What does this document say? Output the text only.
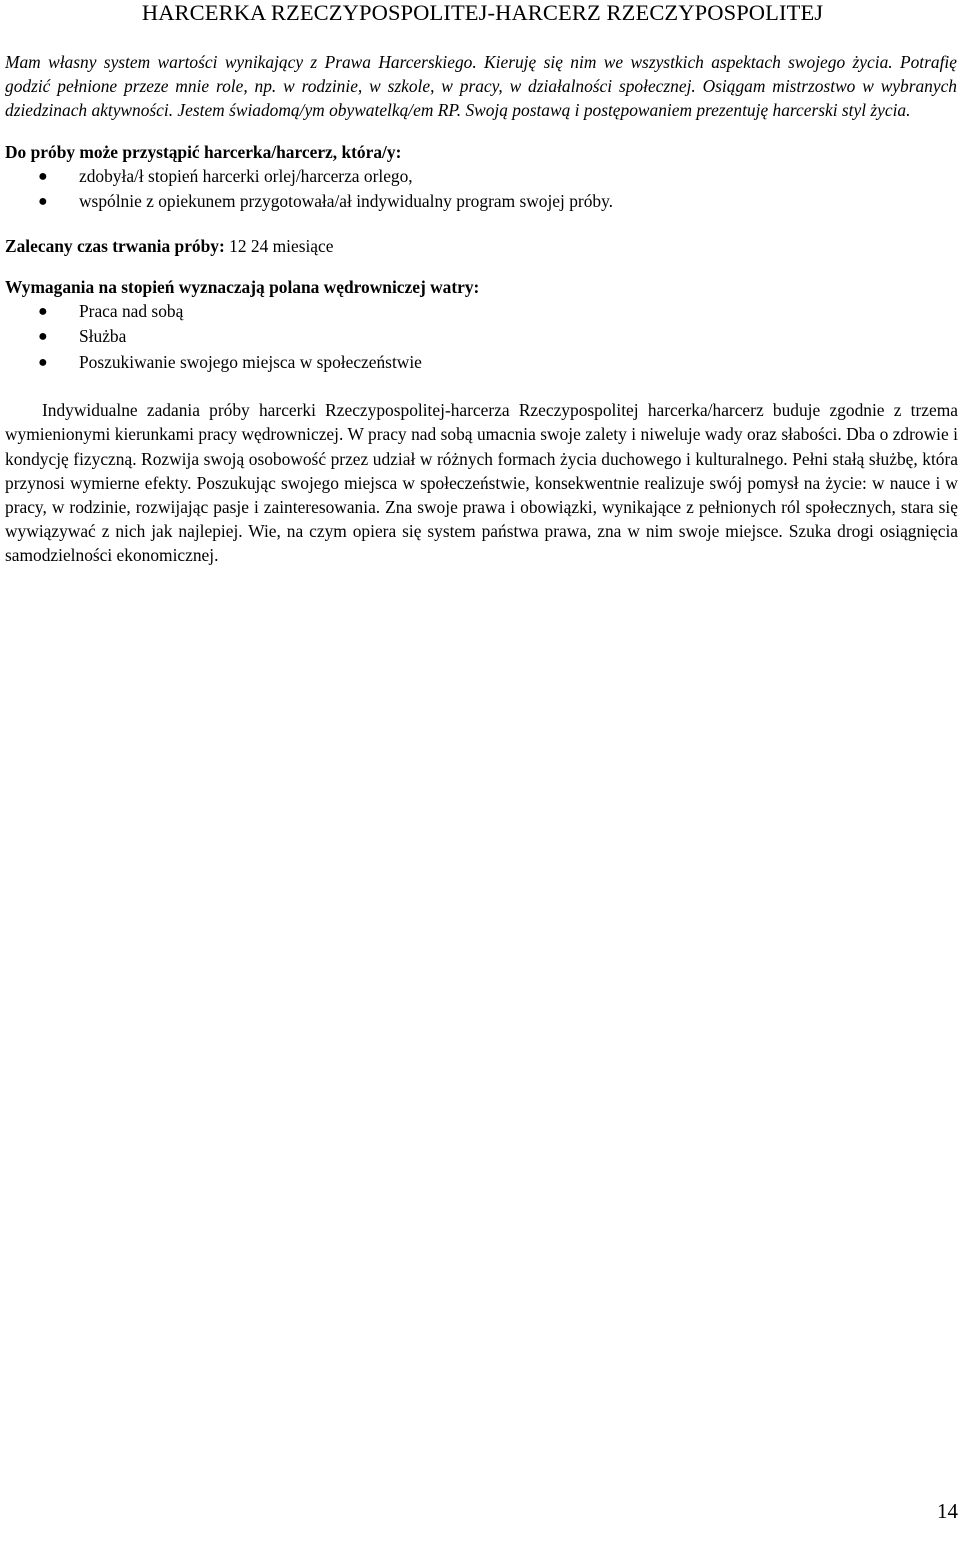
HARCERKA RZECZYPOSPOLITEJ-HARCERZ RZECZYPOSPOLITEJ

Mam własny system wartości wynikający z Prawa Harcerskiego. Kieruję się nim we wszystkich aspektach swojego życia. Potrafię godzić pełnione przeze mnie role, np. w rodzinie, w szkole, w pracy, w działalności społecznej. Osiągam mistrzostwo w wybranych dziedzinach aktywności. Jestem świadomą/ym obywatelką/em RP. Swoją postawą i postępowaniem prezentuję harcerski styl życia.

Do próby może przystąpić harcerka/harcerz, która/y:

● zdobyła/ł stopień harcerki orlej/harcerza orlego,
● wspólnie z opiekunem przygotowała/ał indywidualny program swojej próby.

Zalecany czas trwania próby: 12 24 miesiące

Wymagania na stopień wyznaczają polana wędrowniczej watry:

● Praca nad sobą
● Służba
● Poszukiwanie swojego miejsca w społeczeństwie

Indywidualne zadania próby harcerki Rzeczypospolitej-harcerza Rzeczypospolitej harcerka/harcerz buduje zgodnie z trzema wymienionymi kierunkami pracy wędrowniczej. W pracy nad sobą umacnia swoje zalety i niweluje wady oraz słabości. Dba o zdrowie i kondycję fizyczną. Rozwija swoją osobowość przez udział w różnych formach życia duchowego i kulturalnego. Pełni stałą służbę, która przynosi wymierne efekty. Poszukując swojego miejsca w społeczeństwie, konsekwentnie realizuje swój pomysł na życie: w nauce i w pracy, w rodzinie, rozwijając pasje i zainteresowania. Zna swoje prawa i obowiązki, wynikające z pełnionych ról społecznych, stara się wywiązywać z nich jak najlepiej. Wie, na czym opiera się system państwa prawa, zna w nim swoje miejsce. Szuka drogi osiągnięcia samodzielności ekonomicznej.

14
